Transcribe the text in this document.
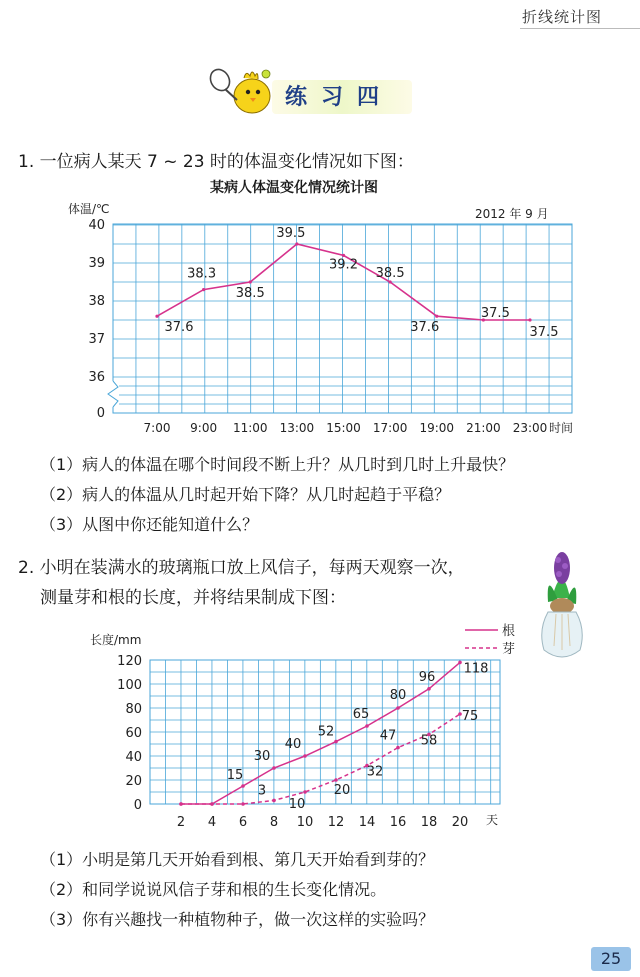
折线统计图
练习四
1. 一位病人某天 7 ~ 23 时的体温变化情况如下图：
某病人体温变化情况统计图
体温/℃	2012 年 9 月
时间
0
36
37
38
39
40
7:00 9:00 11:00 13:00 15:00 17:00 19:00 21:00 23:00
37.6
38.3
38.5
39.5
39.2
38.5
37.6
37.5
37.5
（1）病人的体温在哪个时间段不断上升？从几时到几时上升最快？
（2）病人的体温从几时起开始下降？从几时起趋于平稳？
（3）从图中你还能知道什么？
2. 小明在装满水的玻璃瓶口放上风信子，每两天观察一次，
测量芽和根的长度，并将结果制成下图：
长度/mm
天
0
20
40
60
80
100
120
2 4 6 8 10 12 14 16 18 20
根
芽
15
30
40
52
65
80
96
118
3
10
20
32
47 58
75
（1）小明是第几天开始看到根、第几天开始看到芽的？
（2）和同学说说风信子芽和根的生长变化情况。
（3）你有兴趣找一种植物种子，做一次这样的实验吗？
25
